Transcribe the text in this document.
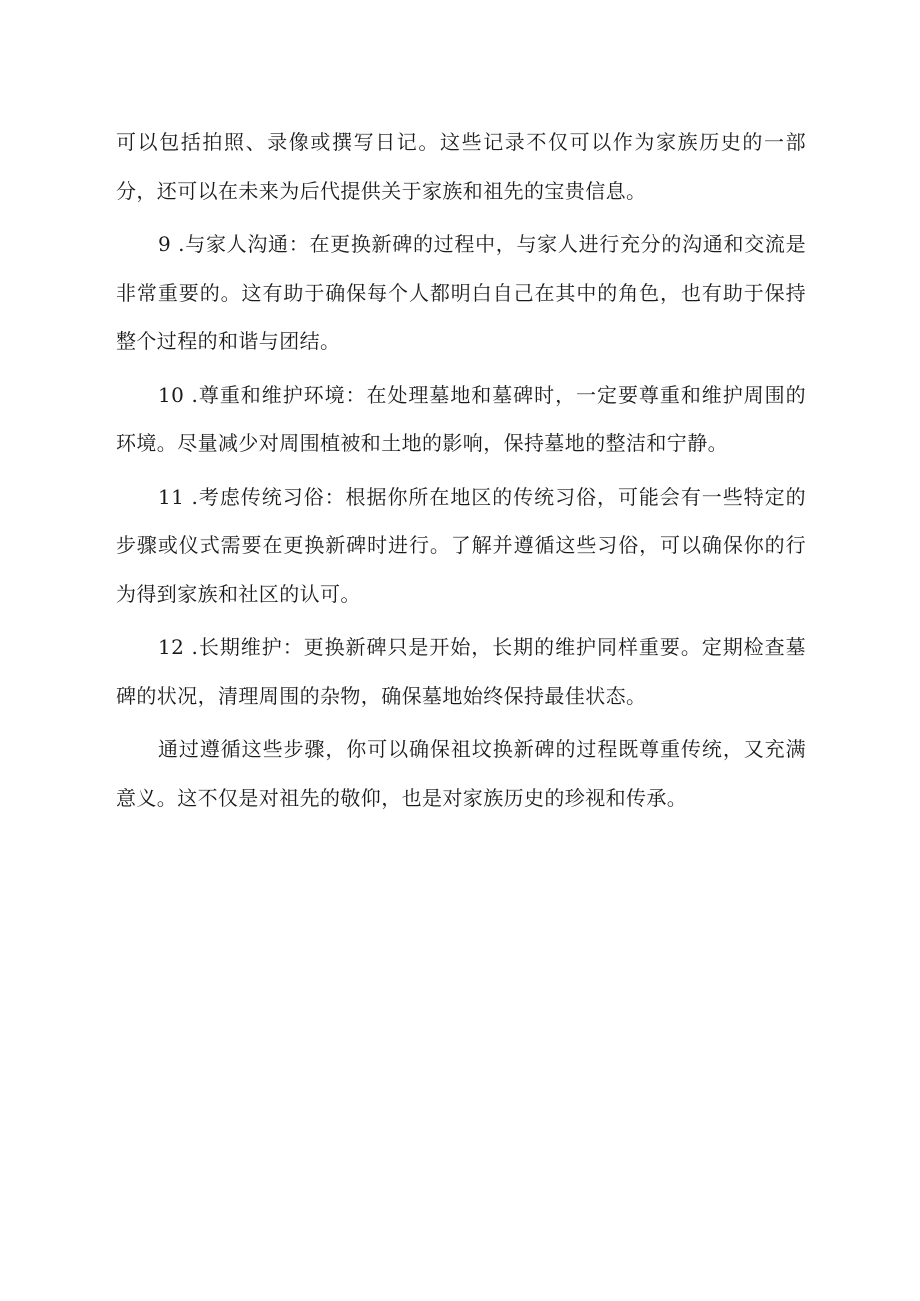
可以包括拍照、录像或撰写日记。这些记录不仅可以作为家族历史的一部分，还可以在未来为后代提供关于家族和祖先的宝贵信息。

9 .与家人沟通：在更换新碑的过程中，与家人进行充分的沟通和交流是非常重要的。这有助于确保每个人都明白自己在其中的角色，也有助于保持整个过程的和谐与团结。

10 .尊重和维护环境：在处理墓地和墓碑时，一定要尊重和维护周围的环境。尽量减少对周围植被和土地的影响，保持墓地的整洁和宁静。

11 .考虑传统习俗：根据你所在地区的传统习俗，可能会有一些特定的步骤或仪式需要在更换新碑时进行。了解并遵循这些习俗，可以确保你的行为得到家族和社区的认可。

12 .长期维护：更换新碑只是开始，长期的维护同样重要。定期检查墓碑的状况，清理周围的杂物，确保墓地始终保持最佳状态。

通过遵循这些步骤，你可以确保祖坟换新碑的过程既尊重传统，又充满意义。这不仅是对祖先的敬仰，也是对家族历史的珍视和传承。
